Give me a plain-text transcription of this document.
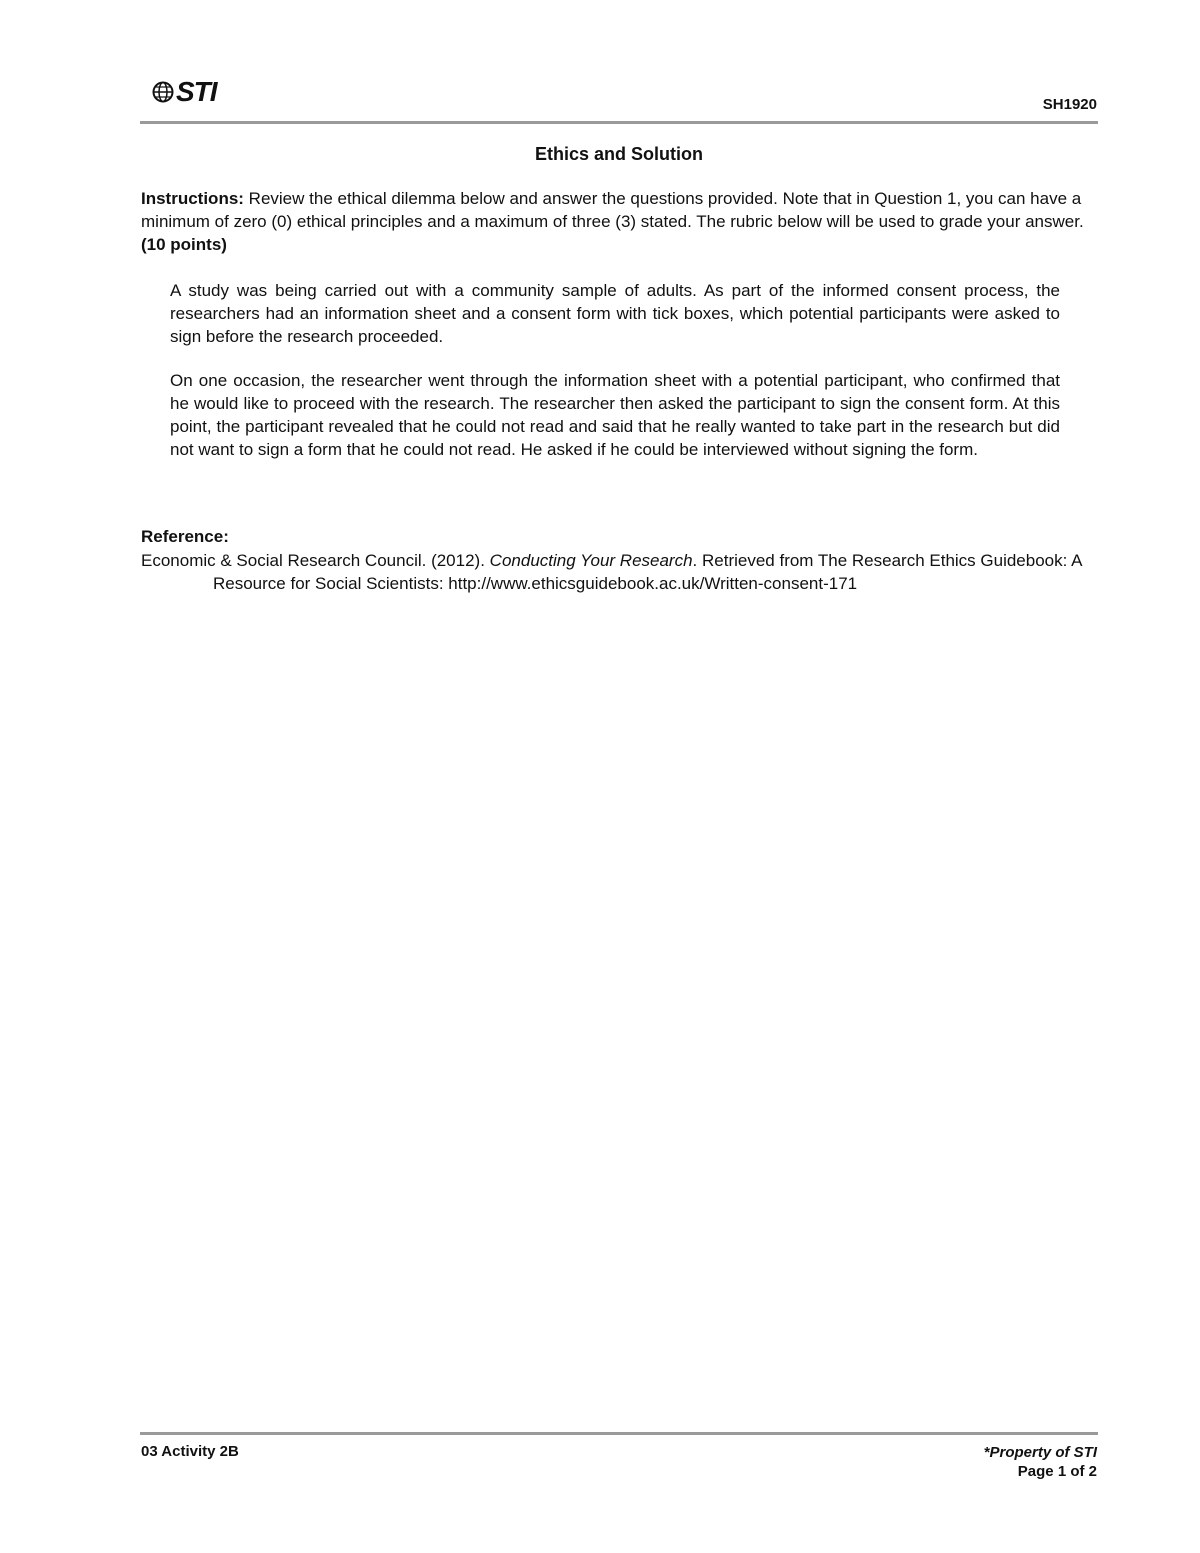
STI	SH1920
Ethics and Solution

Instructions: Review the ethical dilemma below and answer the questions provided. Note that in Question 1, you can have a minimum of zero (0) ethical principles and a maximum of three (3) stated. The rubric below will be used to grade your answer. (10 points)

A study was being carried out with a community sample of adults. As part of the informed consent process, the researchers had an information sheet and a consent form with tick boxes, which potential participants were asked to sign before the research proceeded.

On one occasion, the researcher went through the information sheet with a potential participant, who confirmed that he would like to proceed with the research. The researcher then asked the participant to sign the consent form. At this point, the participant revealed that he could not read and said that he really wanted to take part in the research but did not want to sign a form that he could not read. He asked if he could be interviewed without signing the form.

Reference:

Economic & Social Research Council. (2012). Conducting Your Research. Retrieved from The Research Ethics Guidebook: A Resource for Social Scientists: http://www.ethicsguidebook.ac.uk/Written-consent-171

03 Activity 2B	*Property of STI
Page 1 of 2
